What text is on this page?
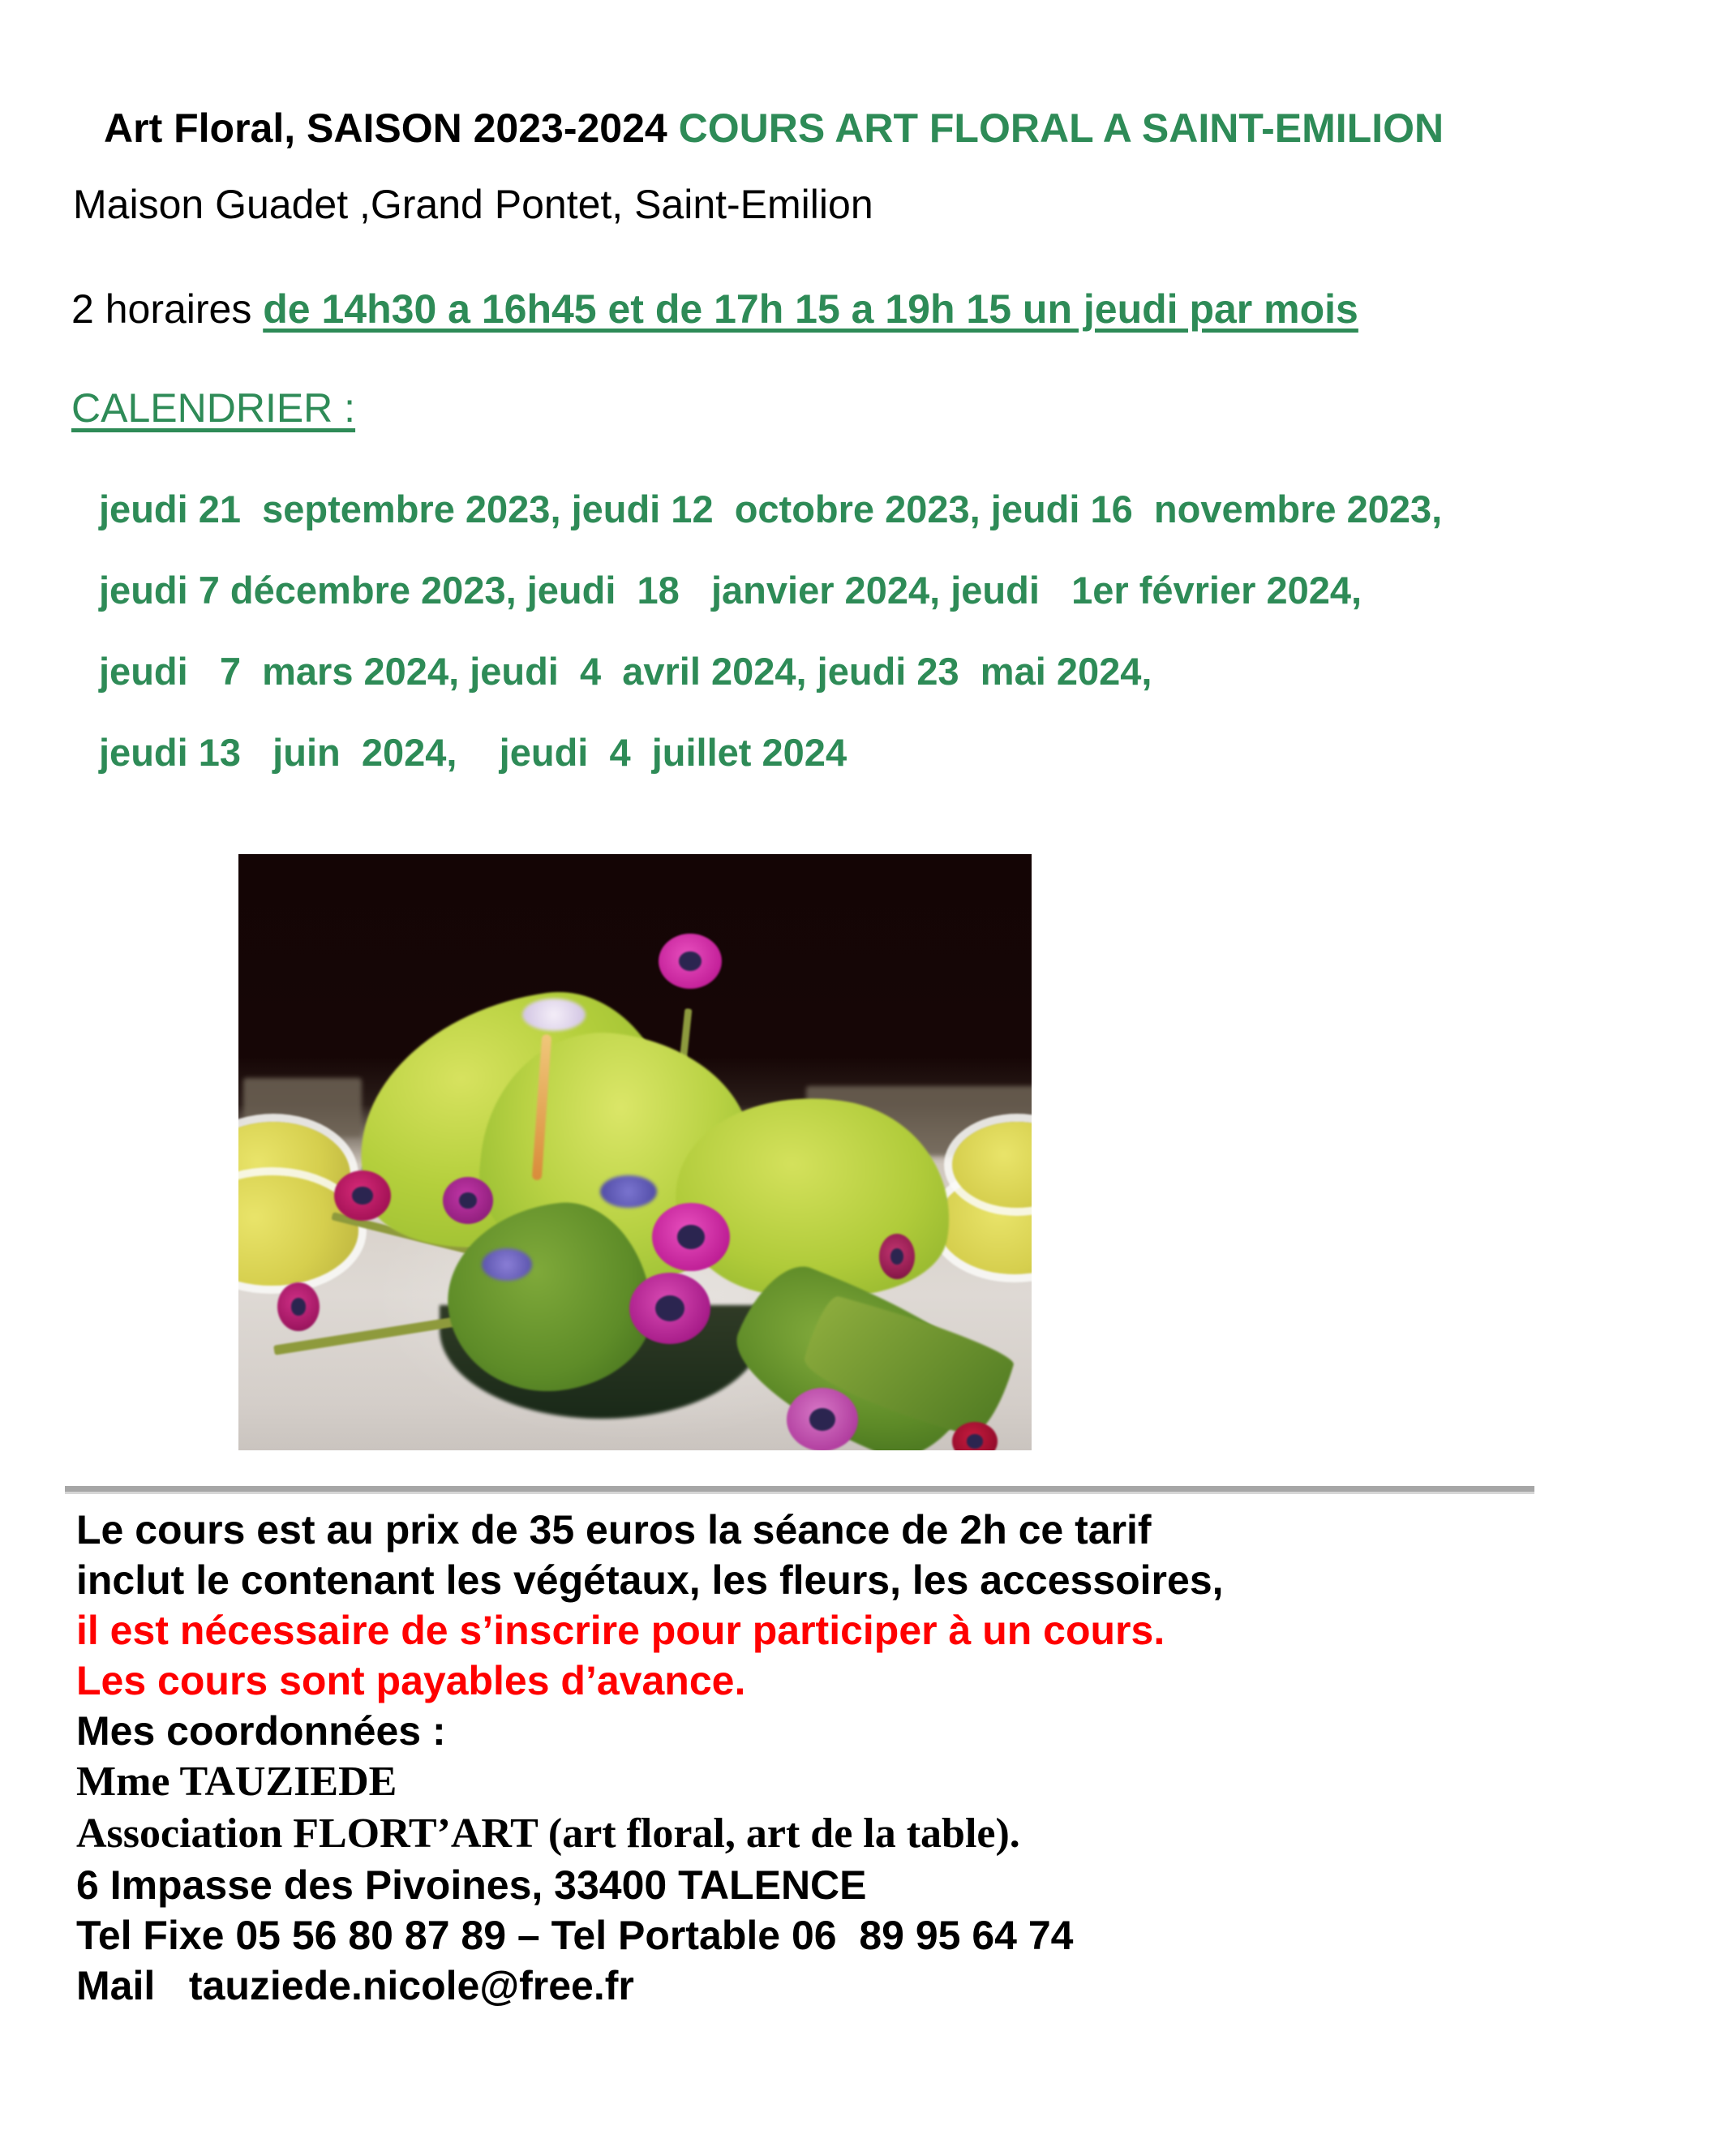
Art Floral, SAISON 2023-2024 COURS ART FLORAL A SAINT-EMILION
Maison Guadet ,Grand Pontet, Saint-Emilion
2 horaires de 14h30 a 16h45 et de 17h 15 a 19h 15 un jeudi par mois
CALENDRIER :
jeudi 21  septembre 2023, jeudi 12  octobre 2023, jeudi 16  novembre 2023,
jeudi 7 décembre 2023, jeudi  18   janvier 2024, jeudi   1er février 2024,
jeudi   7  mars 2024, jeudi  4  avril 2024, jeudi 23  mai 2024,
jeudi 13   juin  2024,    jeudi  4  juillet 2024
Le cours est au prix de 35 euros la séance de 2h ce tarif
inclut le contenant les végétaux, les fleurs, les accessoires,
il est nécessaire de s’inscrire pour participer à un cours.
Les cours sont payables d’avance.
Mes coordonnées :
Mme TAUZIEDE
Association FLORT’ART (art floral, art de la table).
6 Impasse des Pivoines, 33400 TALENCE
Tel Fixe 05 56 80 87 89 – Tel Portable 06  89 95 64 74
Mail   tauziede.nicole@free.fr
